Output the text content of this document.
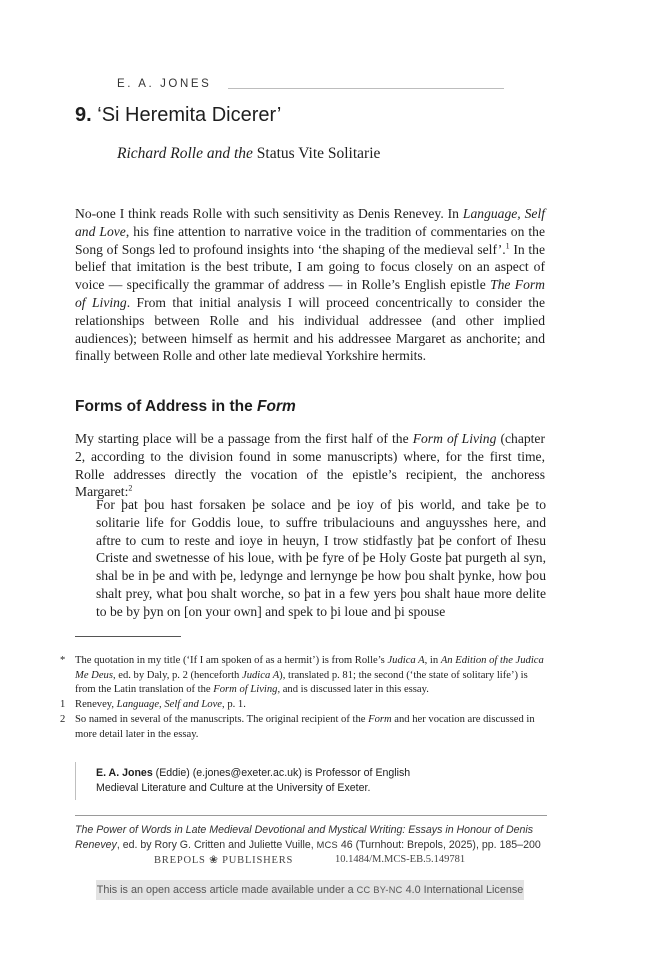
E. A. JONES
9. ‘Si Heremita Dicerer’
Richard Rolle and the Status Vite Solitarie
No-one I think reads Rolle with such sensitivity as Denis Renevey. In Language, Self and Love, his fine attention to narrative voice in the tradition of commentaries on the Song of Songs led to profound insights into ‘the shaping of the medieval self’.$^1$ In the belief that imitation is the best tribute, I am going to focus closely on an aspect of voice — specifically the grammar of address — in Rolle’s English epistle The Form of Living. From that initial analysis I will proceed concentrically to consider the relationships between Rolle and his individual addressee (and other implied audiences); between himself as hermit and his addressee Margaret as anchorite; and finally between Rolle and other late medieval Yorkshire hermits.
Forms of Address in the Form
My starting place will be a passage from the first half of the Form of Living (chapter 2, according to the division found in some manuscripts) where, for the first time, Rolle addresses directly the vocation of the epistle’s recipient, the anchoress Margaret:$^2$
For þat þou hast forsaken þe solace and þe ioy of þis world, and take þe to solitarie life for Goddis loue, to suffre tribulaciouns and anguysshes here, and aftre to cum to reste and ioye in heuyn, I trow stidfastly þat þe confort of Ihesu Criste and swetnesse of his loue, with þe fyre of þe Holy Goste þat purgeth al syn, shal be in þe and with þe, ledynge and lernynge þe how þou shalt þynke, how þou shalt prey, what þou shalt worche, so þat in a few yers þou shalt haue more delite to be by þyn on [on your own] and spek to þi loue and þi spouse
* The quotation in my title (‘If I am spoken of as a hermit’) is from Rolle’s Judica A, in An Edition of the Judica Me Deus, ed. by Daly, p. 2 (henceforth Judica A), translated p. 81; the second (‘the state of solitary life’) is from the Latin translation of the Form of Living, and is discussed later in this essay.
1 Renevey, Language, Self and Love, p. 1.
2 So named in several of the manuscripts. The original recipient of the Form and her vocation are discussed in more detail later in the essay.
E. A. Jones (Eddie) (e.jones@exeter.ac.uk) is Professor of English
Medieval Literature and Culture at the University of Exeter.
The Power of Words in Late Medieval Devotional and Mystical Writing: Essays in Honour of Denis Renevey, ed. by Rory G. Critten and Juliette Vuille, MCS 46 (Turnhout: Brepols, 2025), pp. 185–200
BREPOLS ❀ PUBLISHERS	10.1484/M.MCS-EB.5.149781
This is an open access article made available under a CC BY-NC 4.0 International License
